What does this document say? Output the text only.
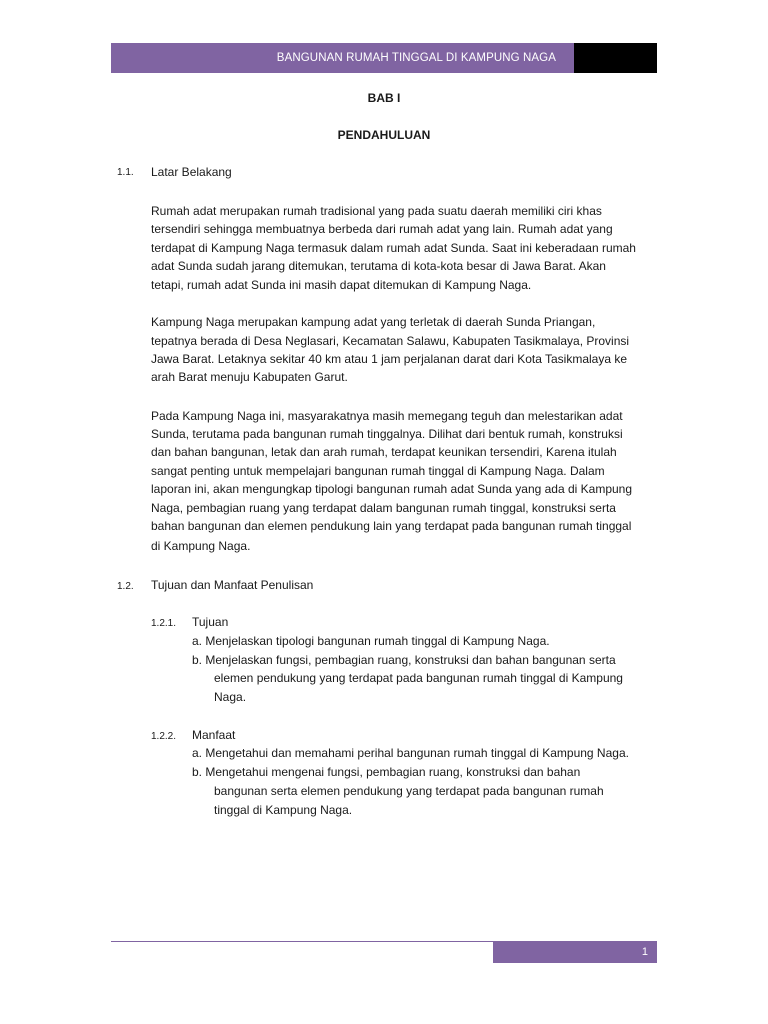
BANGUNAN RUMAH TINGGAL DI KAMPUNG NAGA
BAB I
PENDAHULUAN
1.1. Latar Belakang
Rumah adat merupakan rumah tradisional yang pada suatu daerah memiliki ciri khas
tersendiri sehingga membuatnya berbeda dari rumah adat yang lain. Rumah adat yang
terdapat di Kampung Naga termasuk dalam rumah adat Sunda. Saat ini keberadaan rumah
adat Sunda sudah jarang ditemukan, terutama di kota-kota besar di Jawa Barat. Akan
tetapi, rumah adat Sunda ini masih dapat ditemukan di Kampung Naga.
Kampung Naga merupakan kampung adat yang terletak di daerah Sunda Priangan,
tepatnya berada di Desa Neglasari, Kecamatan Salawu, Kabupaten Tasikmalaya, Provinsi
Jawa Barat. Letaknya sekitar 40 km atau 1 jam perjalanan darat dari Kota Tasikmalaya ke
arah Barat menuju Kabupaten Garut.
Pada Kampung Naga ini, masyarakatnya masih memegang teguh dan melestarikan adat
Sunda, terutama pada bangunan rumah tinggalnya. Dilihat dari bentuk rumah, konstruksi
dan bahan bangunan, letak dan arah rumah, terdapat keunikan tersendiri, Karena itulah
sangat penting untuk mempelajari bangunan rumah tinggal di Kampung Naga. Dalam
laporan ini, akan mengungkap tipologi bangunan rumah adat Sunda yang ada di Kampung
Naga, pembagian ruang yang terdapat dalam bangunan rumah tinggal, konstruksi serta
bahan bangunan dan elemen pendukung lain yang terdapat pada bangunan rumah tinggal
di Kampung Naga.
1.2. Tujuan dan Manfaat Penulisan
1.2.1. Tujuan
a. Menjelaskan tipologi bangunan rumah tinggal di Kampung Naga.
b. Menjelaskan fungsi, pembagian ruang, konstruksi dan bahan bangunan serta
elemen pendukung yang terdapat pada bangunan rumah tinggal di Kampung
Naga.
1.2.2. Manfaat
a. Mengetahui dan memahami perihal bangunan rumah tinggal di Kampung Naga.
b. Mengetahui mengenai fungsi, pembagian ruang, konstruksi dan bahan
bangunan serta elemen pendukung yang terdapat pada bangunan rumah
tinggal di Kampung Naga.
1
